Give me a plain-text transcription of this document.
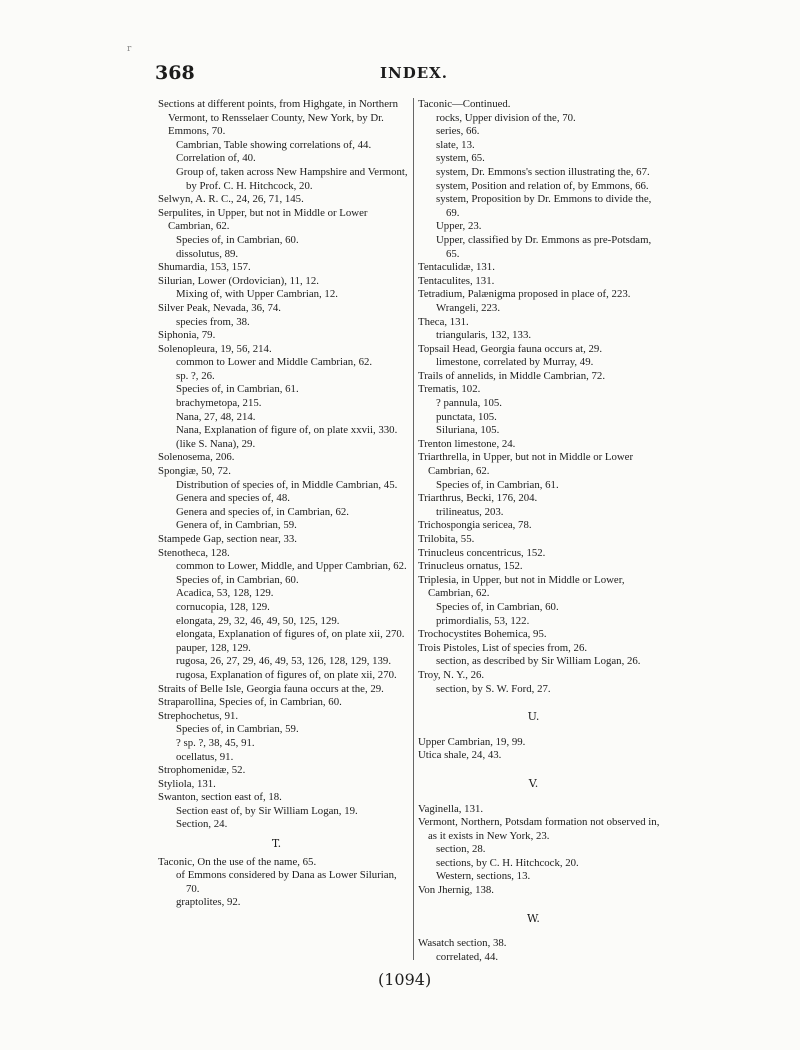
r
368	INDEX.
Sections at different points, from Highgate, in Northern Vermont, to Rensselaer County, New York, by Dr. Emmons, 70.
Cambrian, Table showing correlations of, 44.
Correlation of, 40.
Group of, taken across New Hampshire and Vermont, by Prof. C. H. Hitchcock, 20.
Selwyn, A. R. C., 24, 26, 71, 145.
Serpulites, in Upper, but not in Middle or Lower Cambrian, 62.
Species of, in Cambrian, 60.
dissolutus, 89.
Shumardia, 153, 157.
Silurian, Lower (Ordovician), 11, 12.
Mixing of, with Upper Cambrian, 12.
Silver Peak, Nevada, 36, 74.
species from, 38.
Siphonia, 79.
Solenopleura, 19, 56, 214.
common to Lower and Middle Cambrian, 62.
sp. ?, 26.
Species of, in Cambrian, 61.
brachymetopa, 215.
Nana, 27, 48, 214.
Nana, Explanation of figure of, on plate xxvii, 330.
(like S. Nana), 29.
Solenosema, 206.
Spongiæ, 50, 72.
Distribution of species of, in Middle Cambrian, 45.
Genera and species of, 48.
Genera and species of, in Cambrian, 62.
Genera of, in Cambrian, 59.
Stampede Gap, section near, 33.
Stenotheca, 128.
common to Lower, Middle, and Upper Cambrian, 62.
Species of, in Cambrian, 60.
Acadica, 53, 128, 129.
cornucopia, 128, 129.
elongata, 29, 32, 46, 49, 50, 125, 129.
elongata, Explanation of figures of, on plate xii, 270.
pauper, 128, 129.
rugosa, 26, 27, 29, 46, 49, 53, 126, 128, 129, 139.
rugosa, Explanation of figures of, on plate xii, 270.
Straits of Belle Isle, Georgia fauna occurs at the, 29.
Straparollina, Species of, in Cambrian, 60.
Strephochetus, 91.
Species of, in Cambrian, 59.
? sp. ?, 38, 45, 91.
ocellatus, 91.
Strophomenidæ, 52.
Styliola, 131.
Swanton, section east of, 18.
Section east of, by Sir William Logan, 19.
Section, 24.
T.
Taconic, On the use of the name, 65.
of Emmons considered by Dana as Lower Silurian, 70.
graptolites, 92.
Taconic—Continued.
rocks, Upper division of the, 70.
series, 66.
slate, 13.
system, 65.
system, Dr. Emmons's section illustrating the, 67.
system, Position and relation of, by Emmons, 66.
system, Proposition by Dr. Emmons to divide the, 69.
Upper, 23.
Upper, classified by Dr. Emmons as pre-Potsdam, 65.
Tentaculidæ, 131.
Tentaculites, 131.
Tetradium, Palænigma proposed in place of, 223.
Wrangeli, 223.
Theca, 131.
triangularis, 132, 133.
Topsail Head, Georgia fauna occurs at, 29.
limestone, correlated by Murray, 49.
Trails of annelids, in Middle Cambrian, 72.
Trematis, 102.
? pannula, 105.
punctata, 105.
Siluriana, 105.
Trenton limestone, 24.
Triarthrella, in Upper, but not in Middle or Lower Cambrian, 62.
Species of, in Cambrian, 61.
Triarthrus, Becki, 176, 204.
trilineatus, 203.
Trichospongia sericea, 78.
Trilobita, 55.
Trinucleus concentricus, 152.
Trinucleus ornatus, 152.
Triplesia, in Upper, but not in Middle or Lower, Cambrian, 62.
Species of, in Cambrian, 60.
primordialis, 53, 122.
Trochocystites Bohemica, 95.
Trois Pistoles, List of species from, 26.
section, as described by Sir William Logan, 26.
Troy, N. Y., 26.
section, by S. W. Ford, 27.
U.
Upper Cambrian, 19, 99.
Utica shale, 24, 43.
V.
Vaginella, 131.
Vermont, Northern, Potsdam formation not observed in, as it exists in New York, 23.
section, 28.
sections, by C. H. Hitchcock, 20.
Western, sections, 13.
Von Jhernig, 138.
W.
Wasatch section, 38.
correlated, 44.
(1094)
